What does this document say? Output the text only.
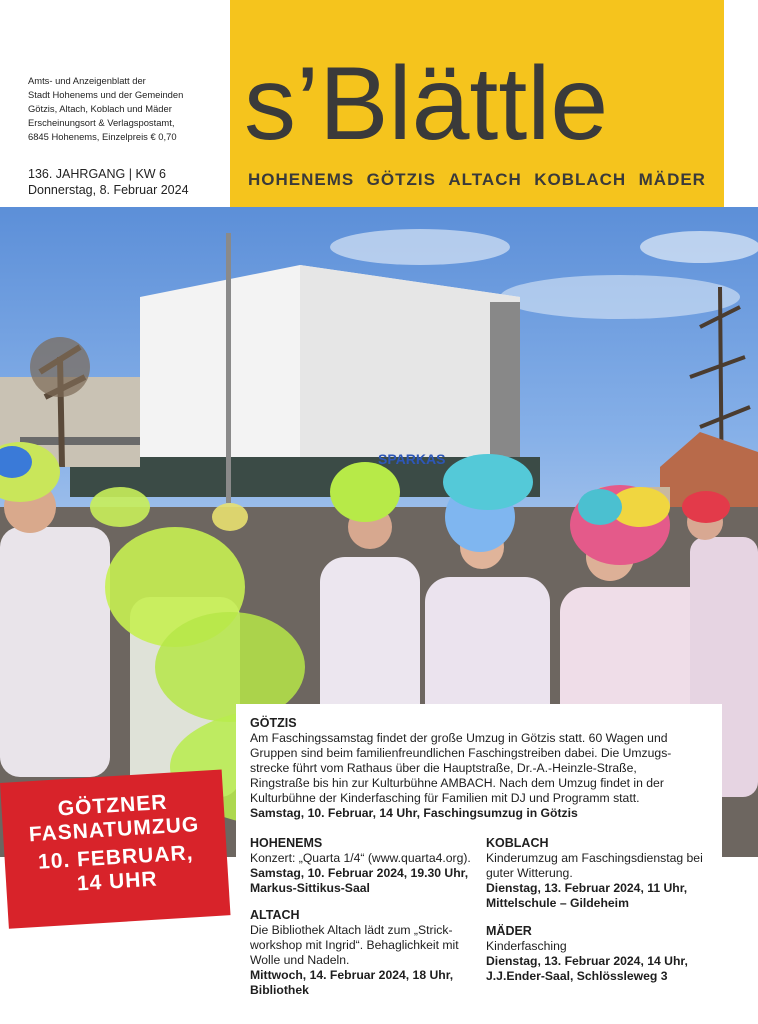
Amts- und Anzeigenblatt der
Stadt Hohenems und der Gemeinden
Götzis, Altach, Koblach und Mäder
Erscheinungsort & Verlagspostamt,
6845 Hohenems, Einzelpreis € 0,70
136. JAHRGANG | KW 6
Donnerstag, 8. Februar 2024
s’Blättle
HOHENEMS GÖTZIS ALTACH KOBLACH MÄDER
SPARKAS
GÖTZNER
FASNATUMZUG
10. FEBRUAR,
14 UHR
GÖTZIS
Am Faschingssamstag findet der große Umzug in Götzis statt. 60 Wagen und
Gruppen sind beim familienfreundlichen Faschingstreiben dabei. Die Umzugs-
strecke führt vom Rathaus über die Hauptstraße, Dr.-A.-Heinzle-Straße,
Ringstraße bis hin zur Kulturbühne AMBACH. Nach dem Umzug findet in der
Kulturbühne der Kinderfasching für Familien mit DJ und Programm statt.
Samstag, 10. Februar, 14 Uhr, Faschingsumzug in Götzis
HOHENEMS
Konzert: „Quarta 1/4“ (www.quarta4.org).
Samstag, 10. Februar 2024, 19.30 Uhr,
Markus-Sittikus-Saal
KOBLACH
Kinderumzug am Faschingsdienstag bei
guter Witterung.
Dienstag, 13. Februar 2024, 11 Uhr,
Mittelschule – Gildeheim
ALTACH
Die Bibliothek Altach lädt zum „Strick-
workshop mit Ingrid“. Behaglichkeit mit
Wolle und Nadeln.
Mittwoch, 14. Februar 2024, 18 Uhr,
Bibliothek
MÄDER
Kinderfasching
Dienstag, 13. Februar 2024, 14 Uhr,
J.J.Ender-Saal, Schlössleweg 3
